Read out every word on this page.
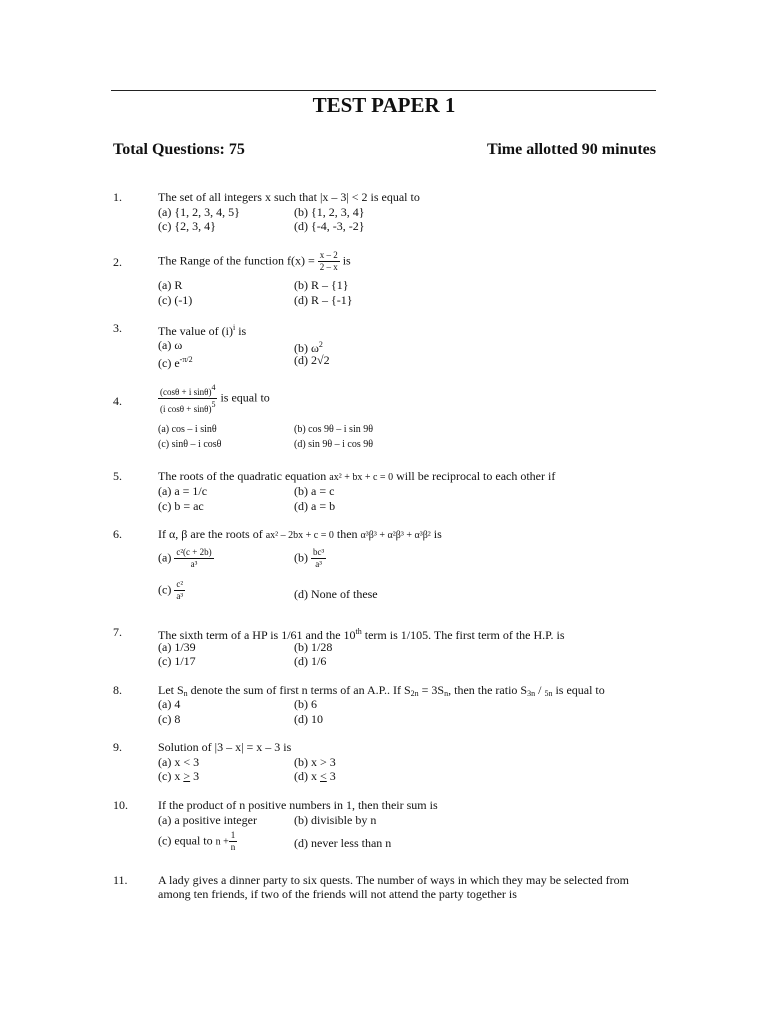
TEST PAPER 1
Total Questions: 75	Time allotted 90 minutes
1.	The set of all integers x such that |x – 3| < 2 is equal to
(a) {1, 2, 3, 4, 5}	(b) {1, 2, 3, 4}
(c) {2, 3, 4}	(d) {-4, -3, -2}
2.	The Range of the function $f(x) = \frac{x - 2}{2 - x}$ is
(a) R	(b) R – {1}
(c) (-1)	(d) R – {-1}
3.	The value of $(i)^i$ is
(a) ω	(b) $\omega^2$
(c) $e^{-\pi/2}$	(d) 2√2
4.	$\frac{\text{(cosθ + i sinθ)4}}{\text{(i cosθ + sinθ)5}}$ is equal to
(a) cos – i sinθ	(b) cos 9θ – i sin 9θ
(c) sinθ – i cosθ	(d) sin 9θ – i cos 9θ
5.	The roots of the quadratic equation ax² + bx + c = 0 will be reciprocal to each other if
(a) a = 1/c	(b) a = c
(c) b = ac	(d) a = b
6.	If α, β are the roots of ax² – 2bx + c = 0 then α³β³ + α²β³ + α³β² is
$(a) \frac{\text{c²(c + 2b)}}{\text{a³}}$	$(b) \frac{\text{bc³}}{\text{a³}}$
$(c) \frac{\text{c²}}{\text{a³}}$	(d) None of these
7.	The sixth term of a HP is 1/61 and the 10th term is 1/105. The first term of the H.P. is
(a) 1/39	(b) 1/28
(c) 1/17	(d) 1/6
8.	Let $S_n$ denote the sum of first n terms of an A.P.. If $S_{2n} = 3S_n$, then the ratio $S_{3n} / _{5n}$ is equal to
(a) 4	(b) 6
(c) 8	(d) 10
9.	Solution of |3 – x| = x – 3 is
(a) x < 3	(b) x > 3
(c) x > 3	(d) x < 3
10.	If the product of n positive numbers in 1, then their sum is
(a) a positive integer	(b) divisible by n
(c) equal to $n + \frac{1}{n}$	(d) never less than n
11.	A lady gives a dinner party to six quests. The number of ways in which they may be selected from among ten friends, if two of the friends will not attend the party together is
